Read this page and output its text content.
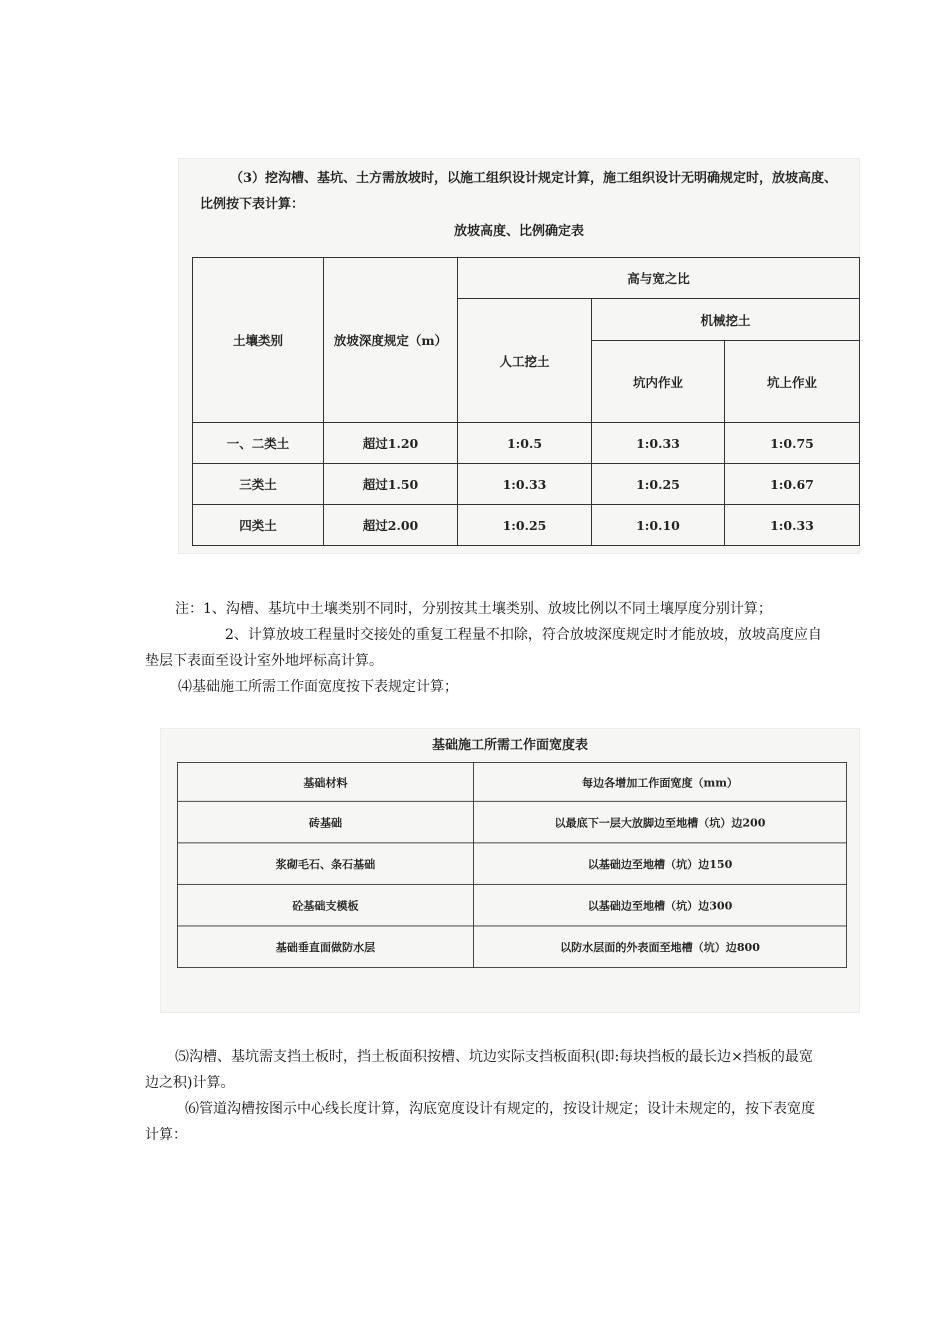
（3）挖沟槽、基坑、土方需放坡时，以施工组织设计规定计算，施工组织设计无明确规定时，放坡高度、比例按下表计算：
放坡高度、比例确定表
土壤类别	放坡深度规定（m）	高与宽之比		
		人工挖土	机械挖土	
			坑内作业	坑上作业
一、二类土	超过1.20	1:0.5	1:0.33	1:0.75
三类土	超过1.50	1:0.33	1:0.25	1:0.67
四类土	超过2.00	1:0.25	1:0.10	1:0.33
注：1、沟槽、基坑中土壤类别不同时，分别按其土壤类别、放坡比例以不同土壤厚度分别计算；
2、计算放坡工程量时交接处的重复工程量不扣除，符合放坡深度规定时才能放坡，放坡高度应自垫层下表面至设计室外地坪标高计算。
⑷基础施工所需工作面宽度按下表规定计算；
基础施工所需工作面宽度表
基础材料	每边各增加工作面宽度（mm）
砖基础	以最底下一层大放脚边至地槽（坑）边200
浆砌毛石、条石基础	以基础边至地槽（坑）边150
砼基础支模板	以基础边至地槽（坑）边300
基础垂直面做防水层	以防水层面的外表面至地槽（坑）边800
⑸沟槽、基坑需支挡土板时，挡土板面积按槽、坑边实际支挡板面积(即:每块挡板的最长边×挡板的最宽边之积)计算。
⑹管道沟槽按图示中心线长度计算，沟底宽度设计有规定的，按设计规定；设计未规定的，按下表宽度计算：
